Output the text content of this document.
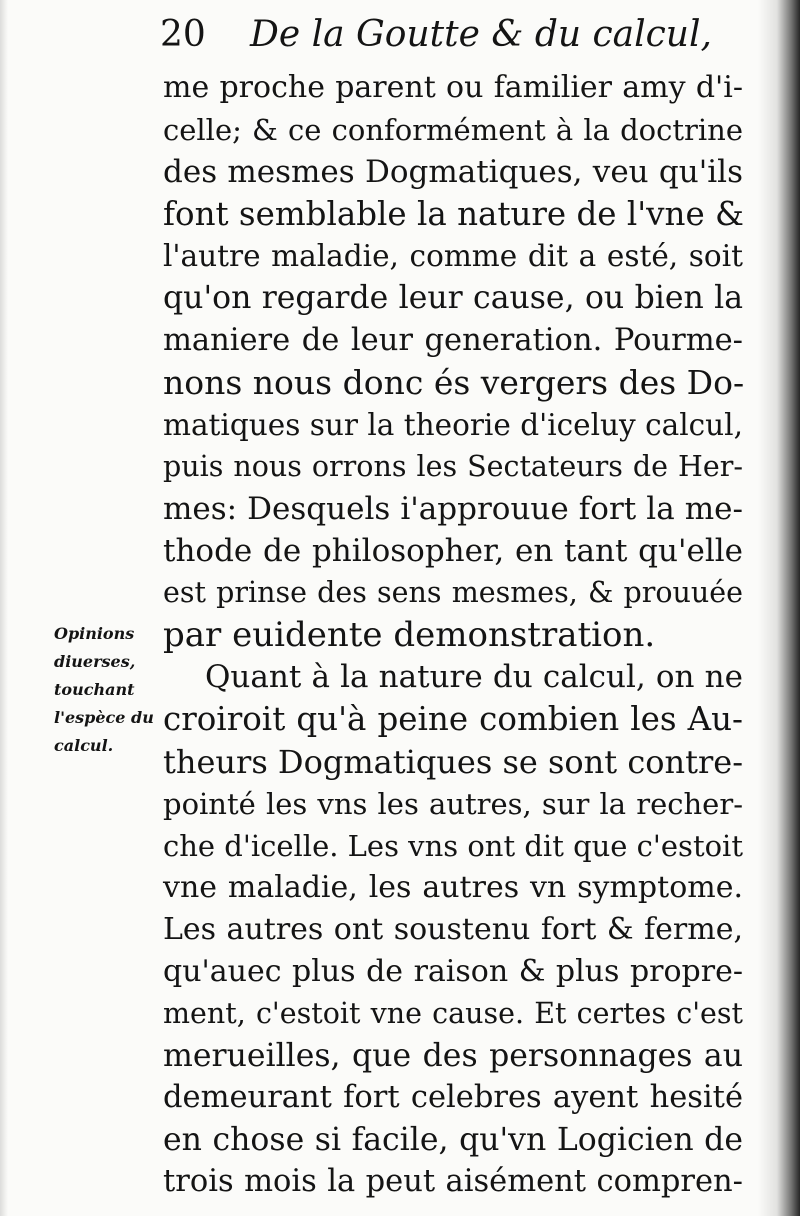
20 De la Goutte & du calcul,
Opinions
diuerses,
touchant
l'espèce du
calcul.
me proche parent ou familier amy d'i-
celle; & ce conformément à la doctrine
des mesmes Dogmatiques, veu qu'ils
font semblable la nature de l'vne &
l'autre maladie, comme dit a esté, soit
qu'on regarde leur cause, ou bien la
maniere de leur generation. Pourme-
nons nous donc és vergers des Do-
matiques sur la theorie d'iceluy calcul,
puis nous orrons les Sectateurs de Her-
mes: Desquels i'approuue fort la me-
thode de philosopher, en tant qu'elle
est prinse des sens mesmes, & prouuée
par euidente demonstration.
Quant à la nature du calcul, on ne
croiroit qu'à peine combien les Au-
theurs Dogmatiques se sont contre-
pointé les vns les autres, sur la recher-
che d'icelle. Les vns ont dit que c'estoit
vne maladie, les autres vn symptome.
Les autres ont soustenu fort & ferme,
qu'auec plus de raison & plus propre-
ment, c'estoit vne cause. Et certes c'est
merueilles, que des personnages au
demeurant fort celebres ayent hesité
en chose si facile, qu'vn Logicien de
trois mois la peut aisément compren-
